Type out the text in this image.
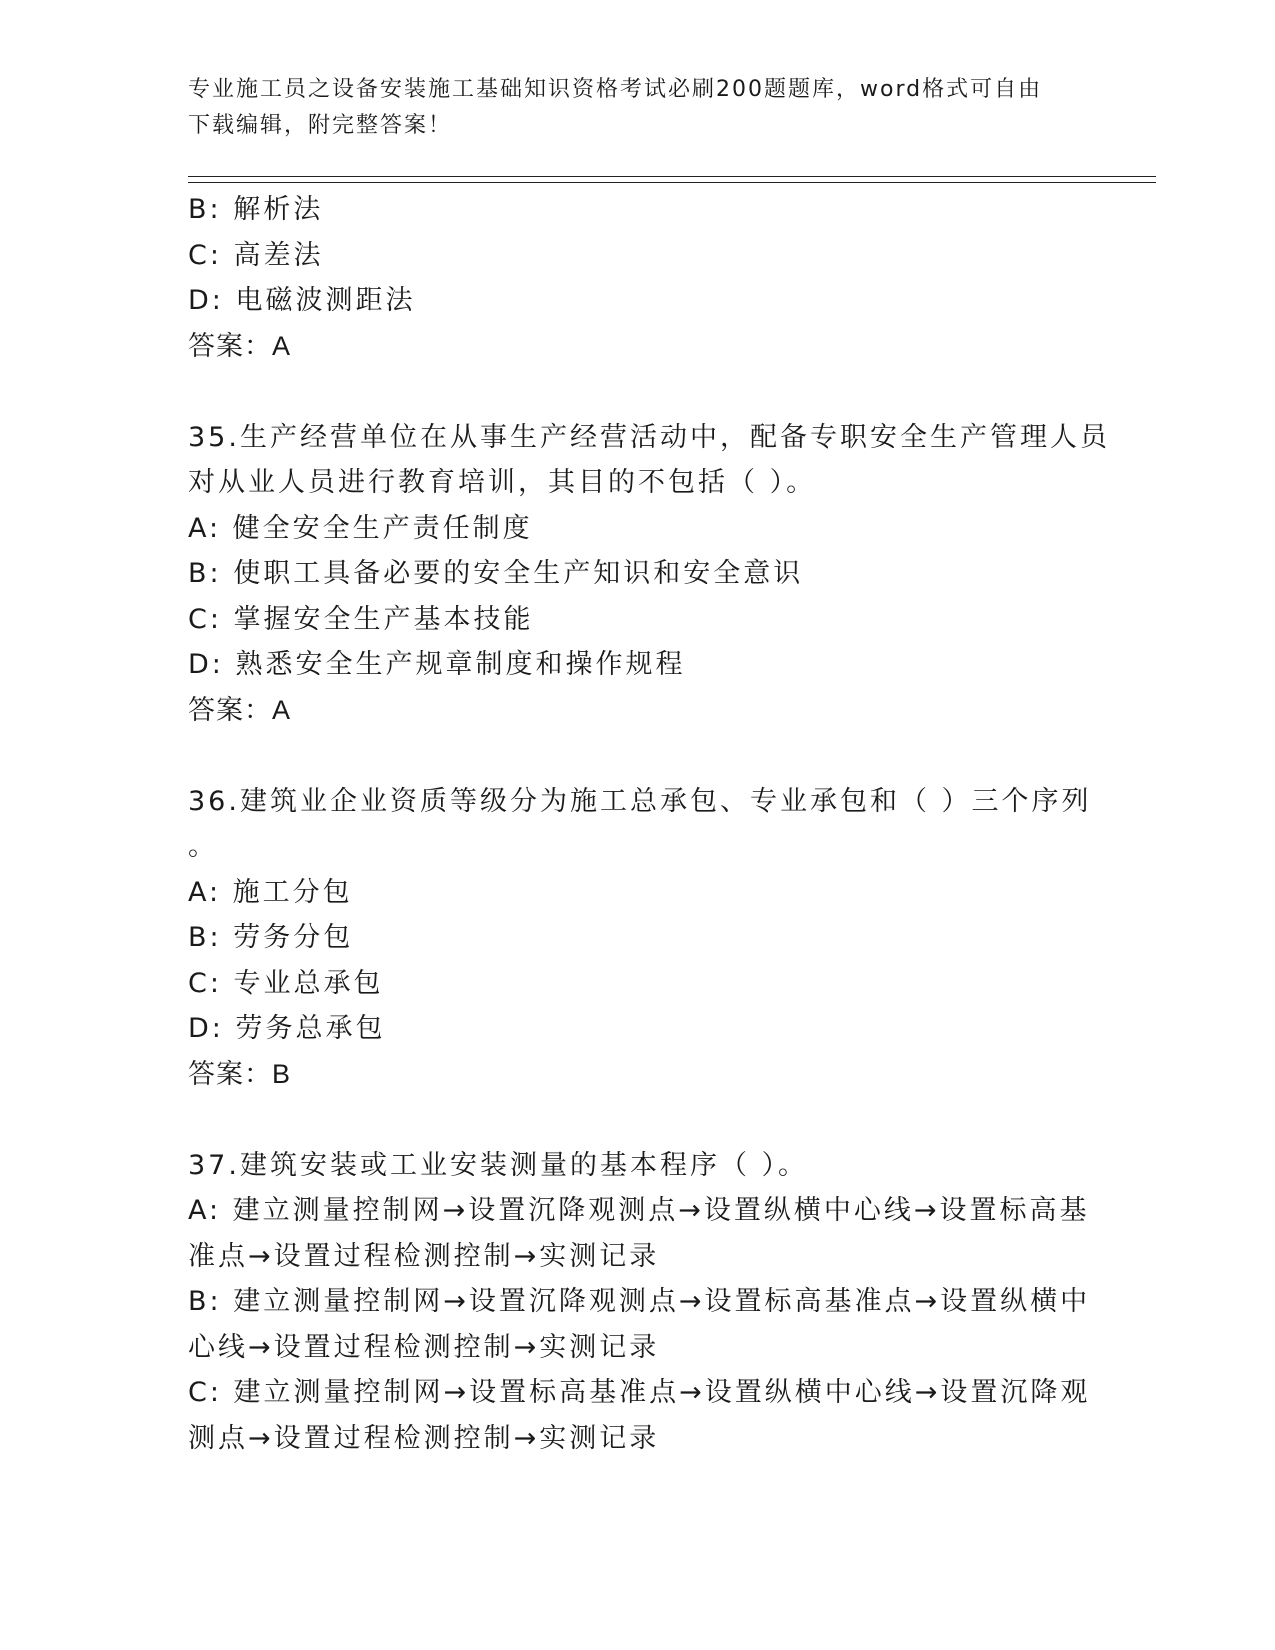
专业施工员之设备安装施工基础知识资格考试必刷200题题库，word格式可自由
下载编辑，附完整答案！
B: 解析法
C: 高差法
D: 电磁波测距法
答案：A
35.生产经营单位在从事生产经营活动中，配备专职安全生产管理人员
对从业人员进行教育培训，其目的不包括（ ）。
A: 健全安全生产责任制度
B: 使职工具备必要的安全生产知识和安全意识
C: 掌握安全生产基本技能
D: 熟悉安全生产规章制度和操作规程
答案：A
36.建筑业企业资质等级分为施工总承包、专业承包和（ ）三个序列
。
A: 施工分包
B: 劳务分包
C: 专业总承包
D: 劳务总承包
答案：B
37.建筑安装或工业安装测量的基本程序（ ）。
A: 建立测量控制网→设置沉降观测点→设置纵横中心线→设置标高基
准点→设置过程检测控制→实测记录
B: 建立测量控制网→设置沉降观测点→设置标高基准点→设置纵横中
心线→设置过程检测控制→实测记录
C: 建立测量控制网→设置标高基准点→设置纵横中心线→设置沉降观
测点→设置过程检测控制→实测记录
